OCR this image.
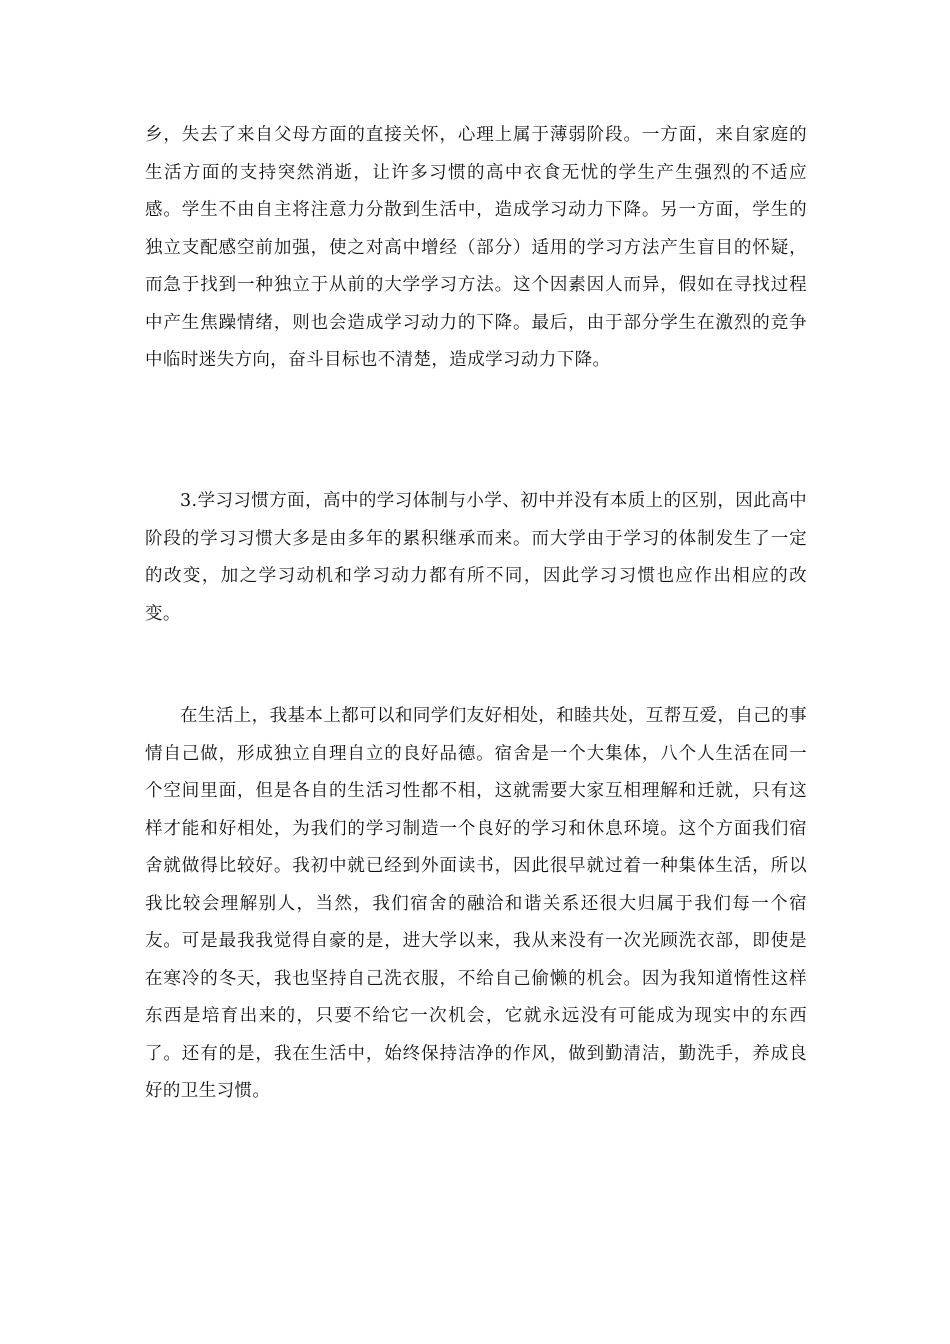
乡，失去了来自父母方面的直接关怀，心理上属于薄弱阶段。一方面，来自家庭的生活方面的支持突然消逝，让许多习惯的高中衣食无忧的学生产生强烈的不适应感。学生不由自主将注意力分散到生活中，造成学习动力下降。另一方面，学生的独立支配感空前加强，使之对高中增经（部分）适用的学习方法产生盲目的怀疑，而急于找到一种独立于从前的大学学习方法。这个因素因人而异，假如在寻找过程中产生焦躁情绪，则也会造成学习动力的下降。最后，由于部分学生在激烈的竞争中临时迷失方向，奋斗目标也不清楚，造成学习动力下降。

3.学习习惯方面，高中的学习体制与小学、初中并没有本质上的区别，因此高中阶段的学习习惯大多是由多年的累积继承而来。而大学由于学习的体制发生了一定的改变，加之学习动机和学习动力都有所不同，因此学习习惯也应作出相应的改变。

在生活上，我基本上都可以和同学们友好相处，和睦共处，互帮互爱，自己的事情自己做，形成独立自理自立的良好品德。宿舍是一个大集体，八个人生活在同一个空间里面，但是各自的生活习性都不相，这就需要大家互相理解和迁就，只有这样才能和好相处，为我们的学习制造一个良好的学习和休息环境。这个方面我们宿舍就做得比较好。我初中就已经到外面读书，因此很早就过着一种集体生活，所以我比较会理解别人，当然，我们宿舍的融洽和谐关系还很大归属于我们每一个宿友。可是最我我觉得自豪的是，进大学以来，我从来没有一次光顾洗衣部，即使是在寒冷的冬天，我也坚持自己洗衣服，不给自己偷懒的机会。因为我知道惰性这样东西是培育出来的，只要不给它一次机会，它就永远没有可能成为现实中的东西了。还有的是，我在生活中，始终保持洁净的作风，做到勤清洁，勤洗手，养成良好的卫生习惯。
